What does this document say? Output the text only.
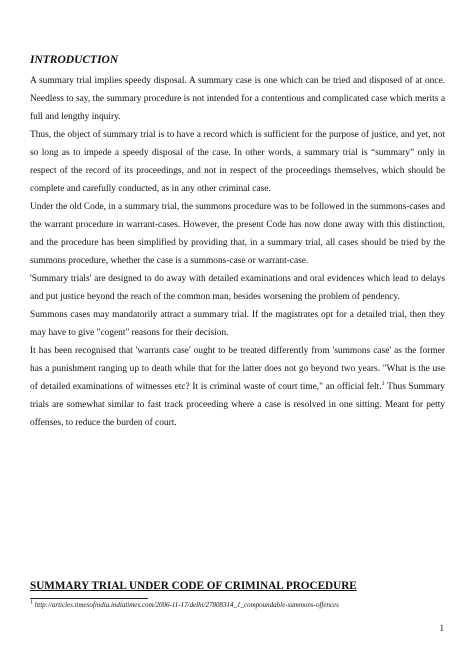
INTRODUCTION

A summary trial implies speedy disposal. A summary case is one which can be tried and disposed of at once. Needless to say, the summary procedure is not intended for a contentious and complicated case which merits a full and lengthy inquiry.

Thus, the object of summary trial is to have a record which is sufficient for the purpose of justice, and yet, not so long as to impede a speedy disposal of the case. In other words, a summary trial is “summary” only in respect of the record of its proceedings, and not in respect of the proceedings themselves, which should be complete and carefully conducted, as in any other criminal case.

Under the old Code, in a summary trial, the summons procedure was to be followed in the summons-cases and the warrant procedure in warrant-cases. However, the present Code has now done away with this distinction, and the procedure has been simplified by providing that, in a summary trial, all cases should be tried by the summons procedure, whether the case is a summons-case or warrant-case.

'Summary trials' are designed to do away with detailed examinations and oral evidences which lead to delays and put justice beyond the reach of the common man, besides worsening the problem of pendency.

Summons cases may mandatorily attract a summary trial. If the magistrates opt for a detailed trial, then they may have to give "cogent" reasons for their decision.

It has been recognised that 'warrants case' ought to be treated differently from 'summons case' as the former has a punishment ranging up to death while that for the latter does not go beyond two years. "What is the use of detailed examinations of witnesses etc? It is criminal waste of court time," an official felt.$^1$ Thus Summary trials are somewhat similar to fast track proceeding where a case is resolved in one sitting. Meant for petty offenses, to reduce the burden of court.

SUMMARY TRIAL UNDER CODE OF CRIMINAL PROCEDURE
$^1$ http://articles.timesofindia.indiatimes.com/2006-11-17/delhi/27808314_1_compoundable-summons-offences
1
